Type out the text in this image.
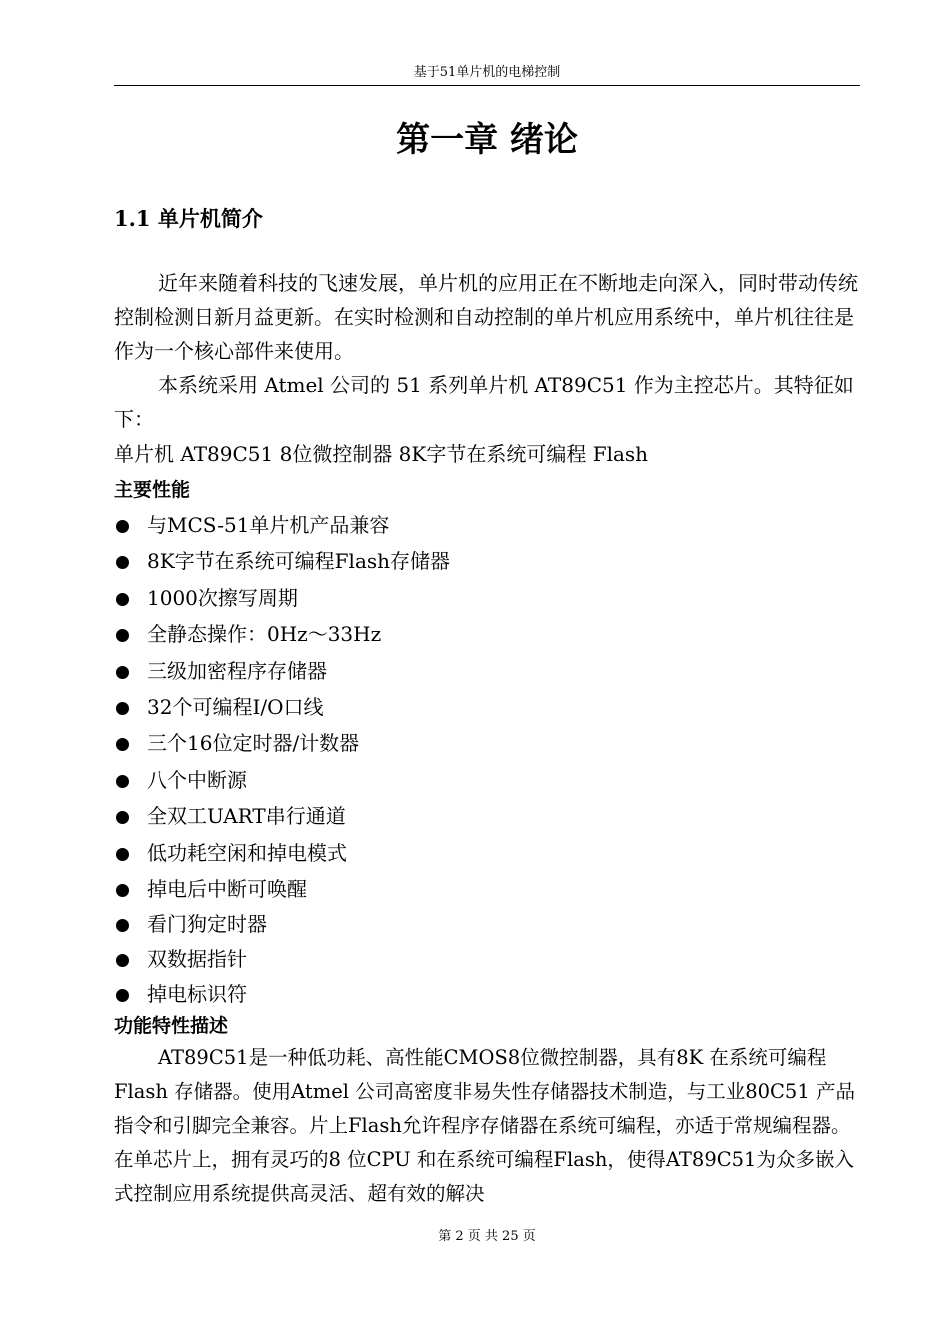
基于51单片机的电梯控制
第一章 绪论
1.1 单片机简介

近年来随着科技的飞速发展，单片机的应用正在不断地走向深入，同时带动传统控制检测日新月益更新。在实时检测和自动控制的单片机应用系统中，单片机往往是作为一个核心部件来使用。

本系统采用 Atmel 公司的 51 系列单片机 AT89C51 作为主控芯片。其特征如下：

单片机 AT89C51 8位微控制器 8K字节在系统可编程 Flash

主要性能
与MCS-51单片机产品兼容
8K字节在系统可编程Flash存储器
1000次擦写周期
全静态操作：0Hz～33Hz
三级加密程序存储器
32个可编程I/O口线
三个16位定时器/计数器
八个中断源
全双工UART串行通道
低功耗空闲和掉电模式
掉电后中断可唤醒
看门狗定时器
双数据指针
掉电标识符
功能特性描述

AT89C51是一种低功耗、高性能CMOS8位微控制器，具有8K 在系统可编程Flash 存储器。使用Atmel 公司高密度非易失性存储器技术制造，与工业80C51 产品指令和引脚完全兼容。片上Flash允许程序存储器在系统可编程，亦适于常规编程器。在单芯片上，拥有灵巧的8 位CPU 和在系统可编程Flash，使得AT89C51为众多嵌入式控制应用系统提供高灵活、超有效的解决

第 2 页 共 25 页
